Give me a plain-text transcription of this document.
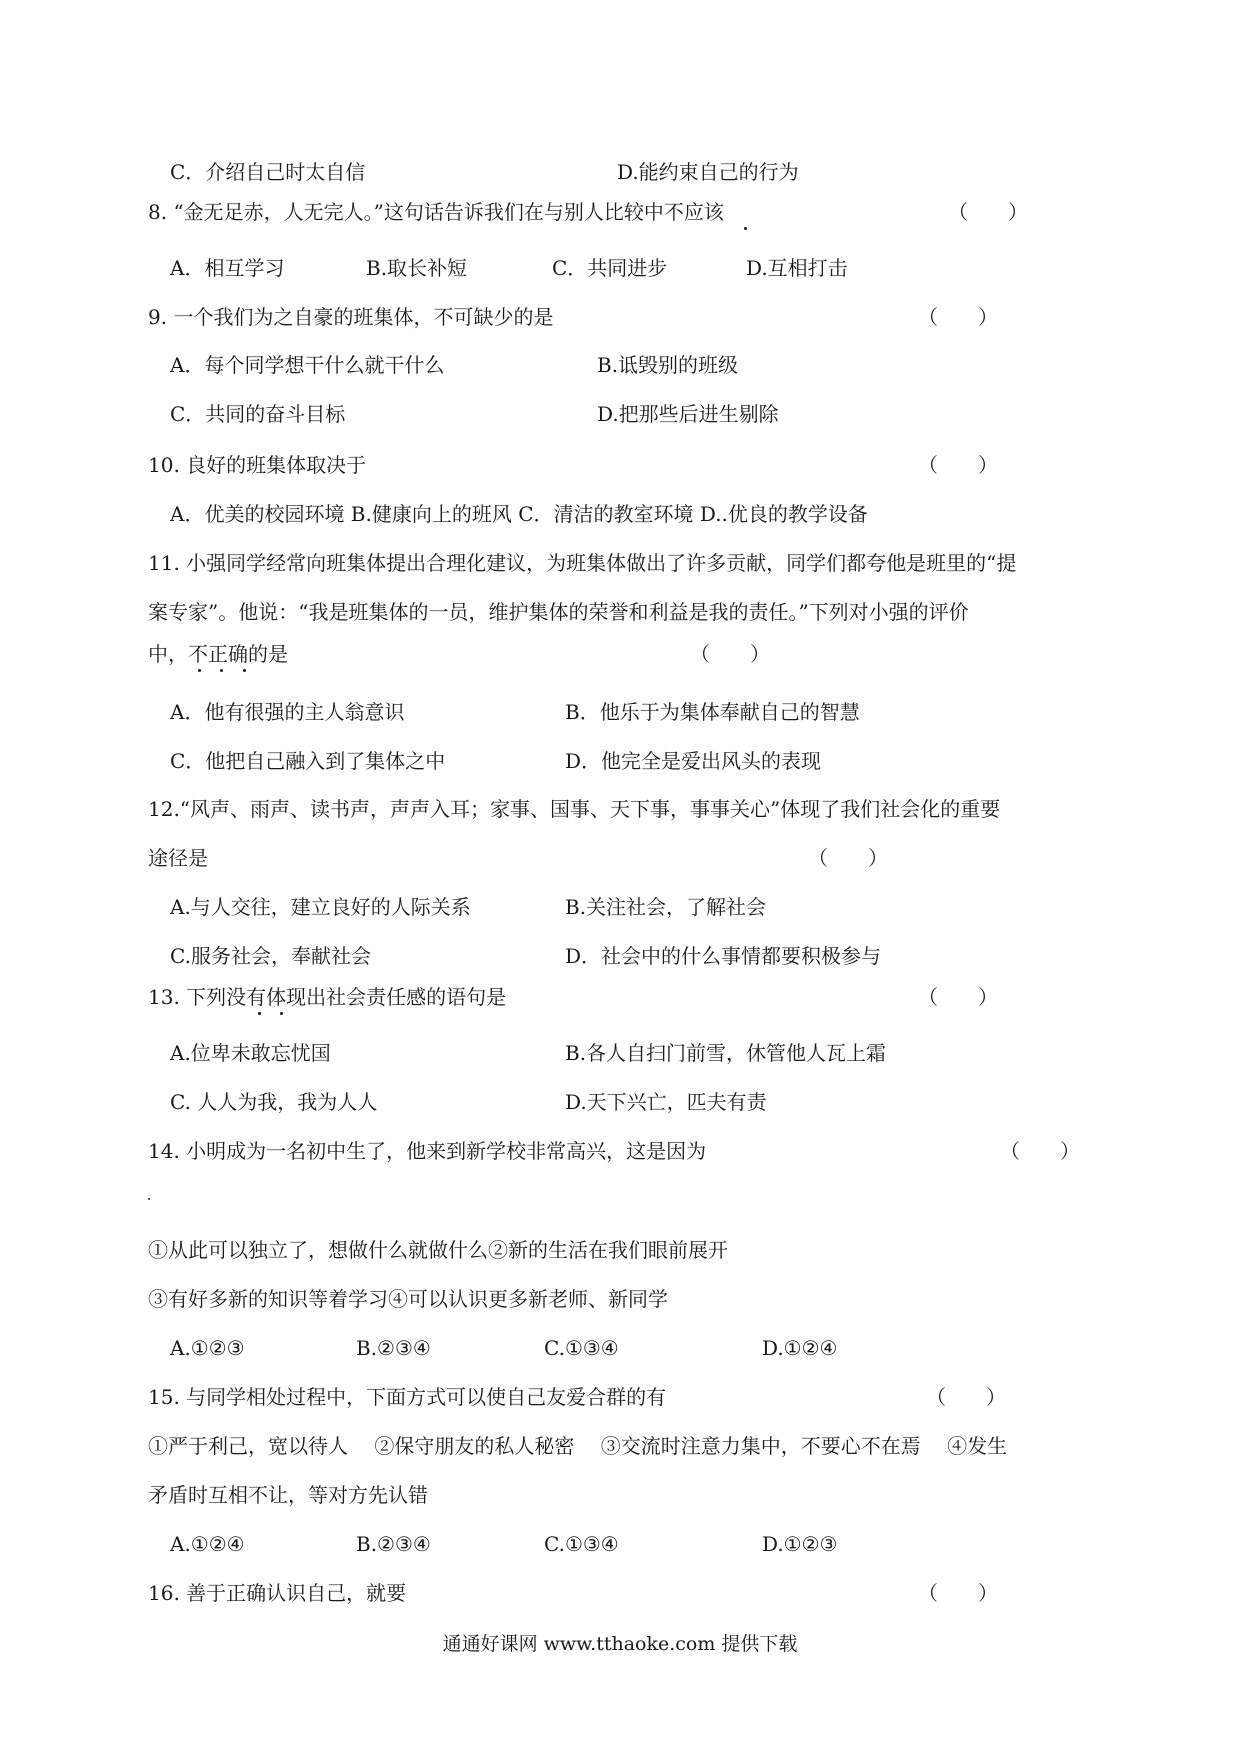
C．介绍自己时太自信	D.能约束自己的行为
8. “金无足赤，人无完人。”这句话告诉我们在与别人比较中不应该	（　　）
A．相互学习	B.取长补短	C．共同进步	D.互相打击
9. 一个我们为之自豪的班集体，不可缺少的是	（　　）
A．每个同学想干什么就干什么	B.诋毁别的班级
C．共同的奋斗目标	D.把那些后进生剔除
10. 良好的班集体取决于	（　　）
A．优美的校园环境 B.健康向上的班风 C．清洁的教室环境 D..优良的教学设备
11. 小强同学经常向班集体提出合理化建议，为班集体做出了许多贡献，同学们都夸他是班里的“提
案专家”。他说：“我是班集体的一员，维护集体的荣誉和利益是我的责任。”下列对小强的评价
中，不正确的是	（　　）
A．他有很强的主人翁意识	B．他乐于为集体奉献自己的智慧
C．他把自己融入到了集体之中	D．他完全是爱出风头的表现
12.“风声、雨声、读书声，声声入耳；家事、国事、天下事，事事关心”体现了我们社会化的重要
途径是	（　　）
A.与人交往，建立良好的人际关系	B.关注社会，了解社会
C.服务社会，奉献社会	D．社会中的什么事情都要积极参与
13. 下列没有体现出社会责任感的语句是	（　　）
A.位卑未敢忘忧国	B.各人自扫门前雪，休管他人瓦上霜
C. 人人为我，我为人人	D.天下兴亡，匹夫有责
14. 小明成为一名初中生了，他来到新学校非常高兴，这是因为	（　　）
①从此可以独立了，想做什么就做什么②新的生活在我们眼前展开
③有好多新的知识等着学习④可以认识更多新老师、新同学
A.①②③	B.②③④	C.①③④	D.①②④
15. 与同学相处过程中，下面方式可以使自己友爱合群的有	（　　）
①严于利己，宽以待人　 ②保守朋友的私人秘密　 ③交流时注意力集中，不要心不在焉　 ④发生
矛盾时互相不让，等对方先认错
A.①②④	B.②③④	C.①③④	D.①②③
16. 善于正确认识自己，就要	（　　）
通通好课网 www.tthaoke.com 提供下载
